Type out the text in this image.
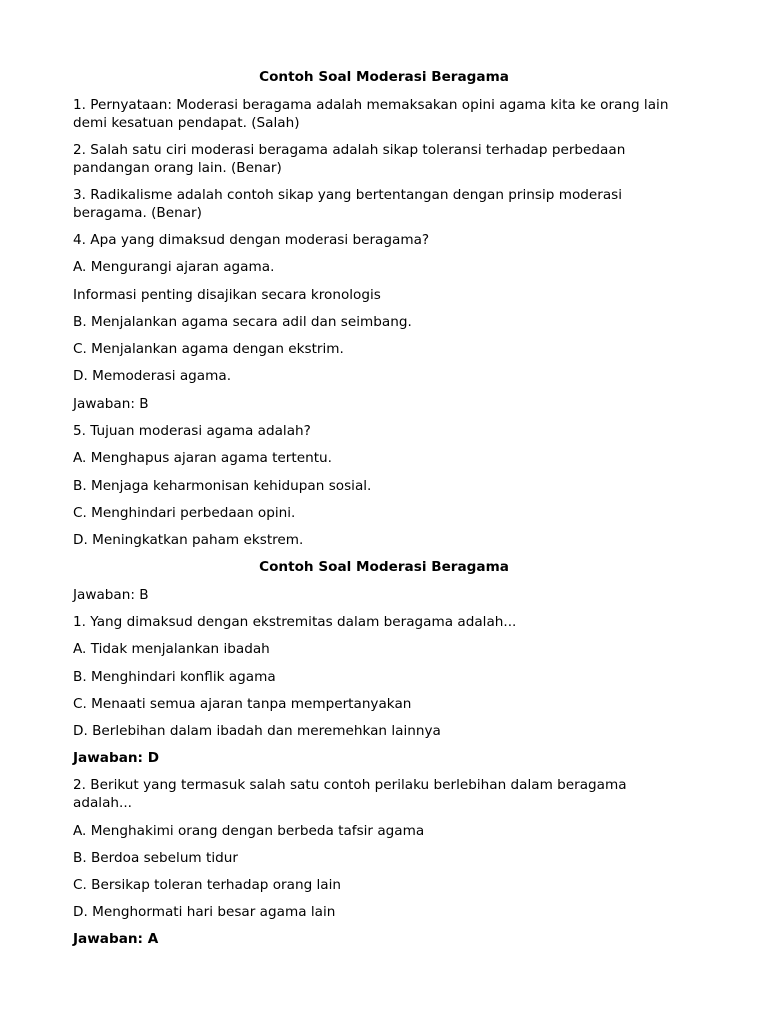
Contoh Soal Moderasi Beragama

1. Pernyataan: Moderasi beragama adalah memaksakan opini agama kita ke orang lain demi kesatuan pendapat. (Salah)

2. Salah satu ciri moderasi beragama adalah sikap toleransi terhadap perbedaan pandangan orang lain. (Benar)

3. Radikalisme adalah contoh sikap yang bertentangan dengan prinsip moderasi beragama. (Benar)

4. Apa yang dimaksud dengan moderasi beragama?

A. Mengurangi ajaran agama.

Informasi penting disajikan secara kronologis

B. Menjalankan agama secara adil dan seimbang.

C. Menjalankan agama dengan ekstrim.

D. Memoderasi agama.

Jawaban: B

5. Tujuan moderasi agama adalah?

A. Menghapus ajaran agama tertentu.

B. Menjaga keharmonisan kehidupan sosial.

C. Menghindari perbedaan opini.

D. Meningkatkan paham ekstrem.

Contoh Soal Moderasi Beragama

Jawaban: B

1. Yang dimaksud dengan ekstremitas dalam beragama adalah...

A. Tidak menjalankan ibadah

B. Menghindari konflik agama

C. Menaati semua ajaran tanpa mempertanyakan

D. Berlebihan dalam ibadah dan meremehkan lainnya

Jawaban: D

2. Berikut yang termasuk salah satu contoh perilaku berlebihan dalam beragama adalah...

A. Menghakimi orang dengan berbeda tafsir agama

B. Berdoa sebelum tidur

C. Bersikap toleran terhadap orang lain

D. Menghormati hari besar agama lain

Jawaban: A
